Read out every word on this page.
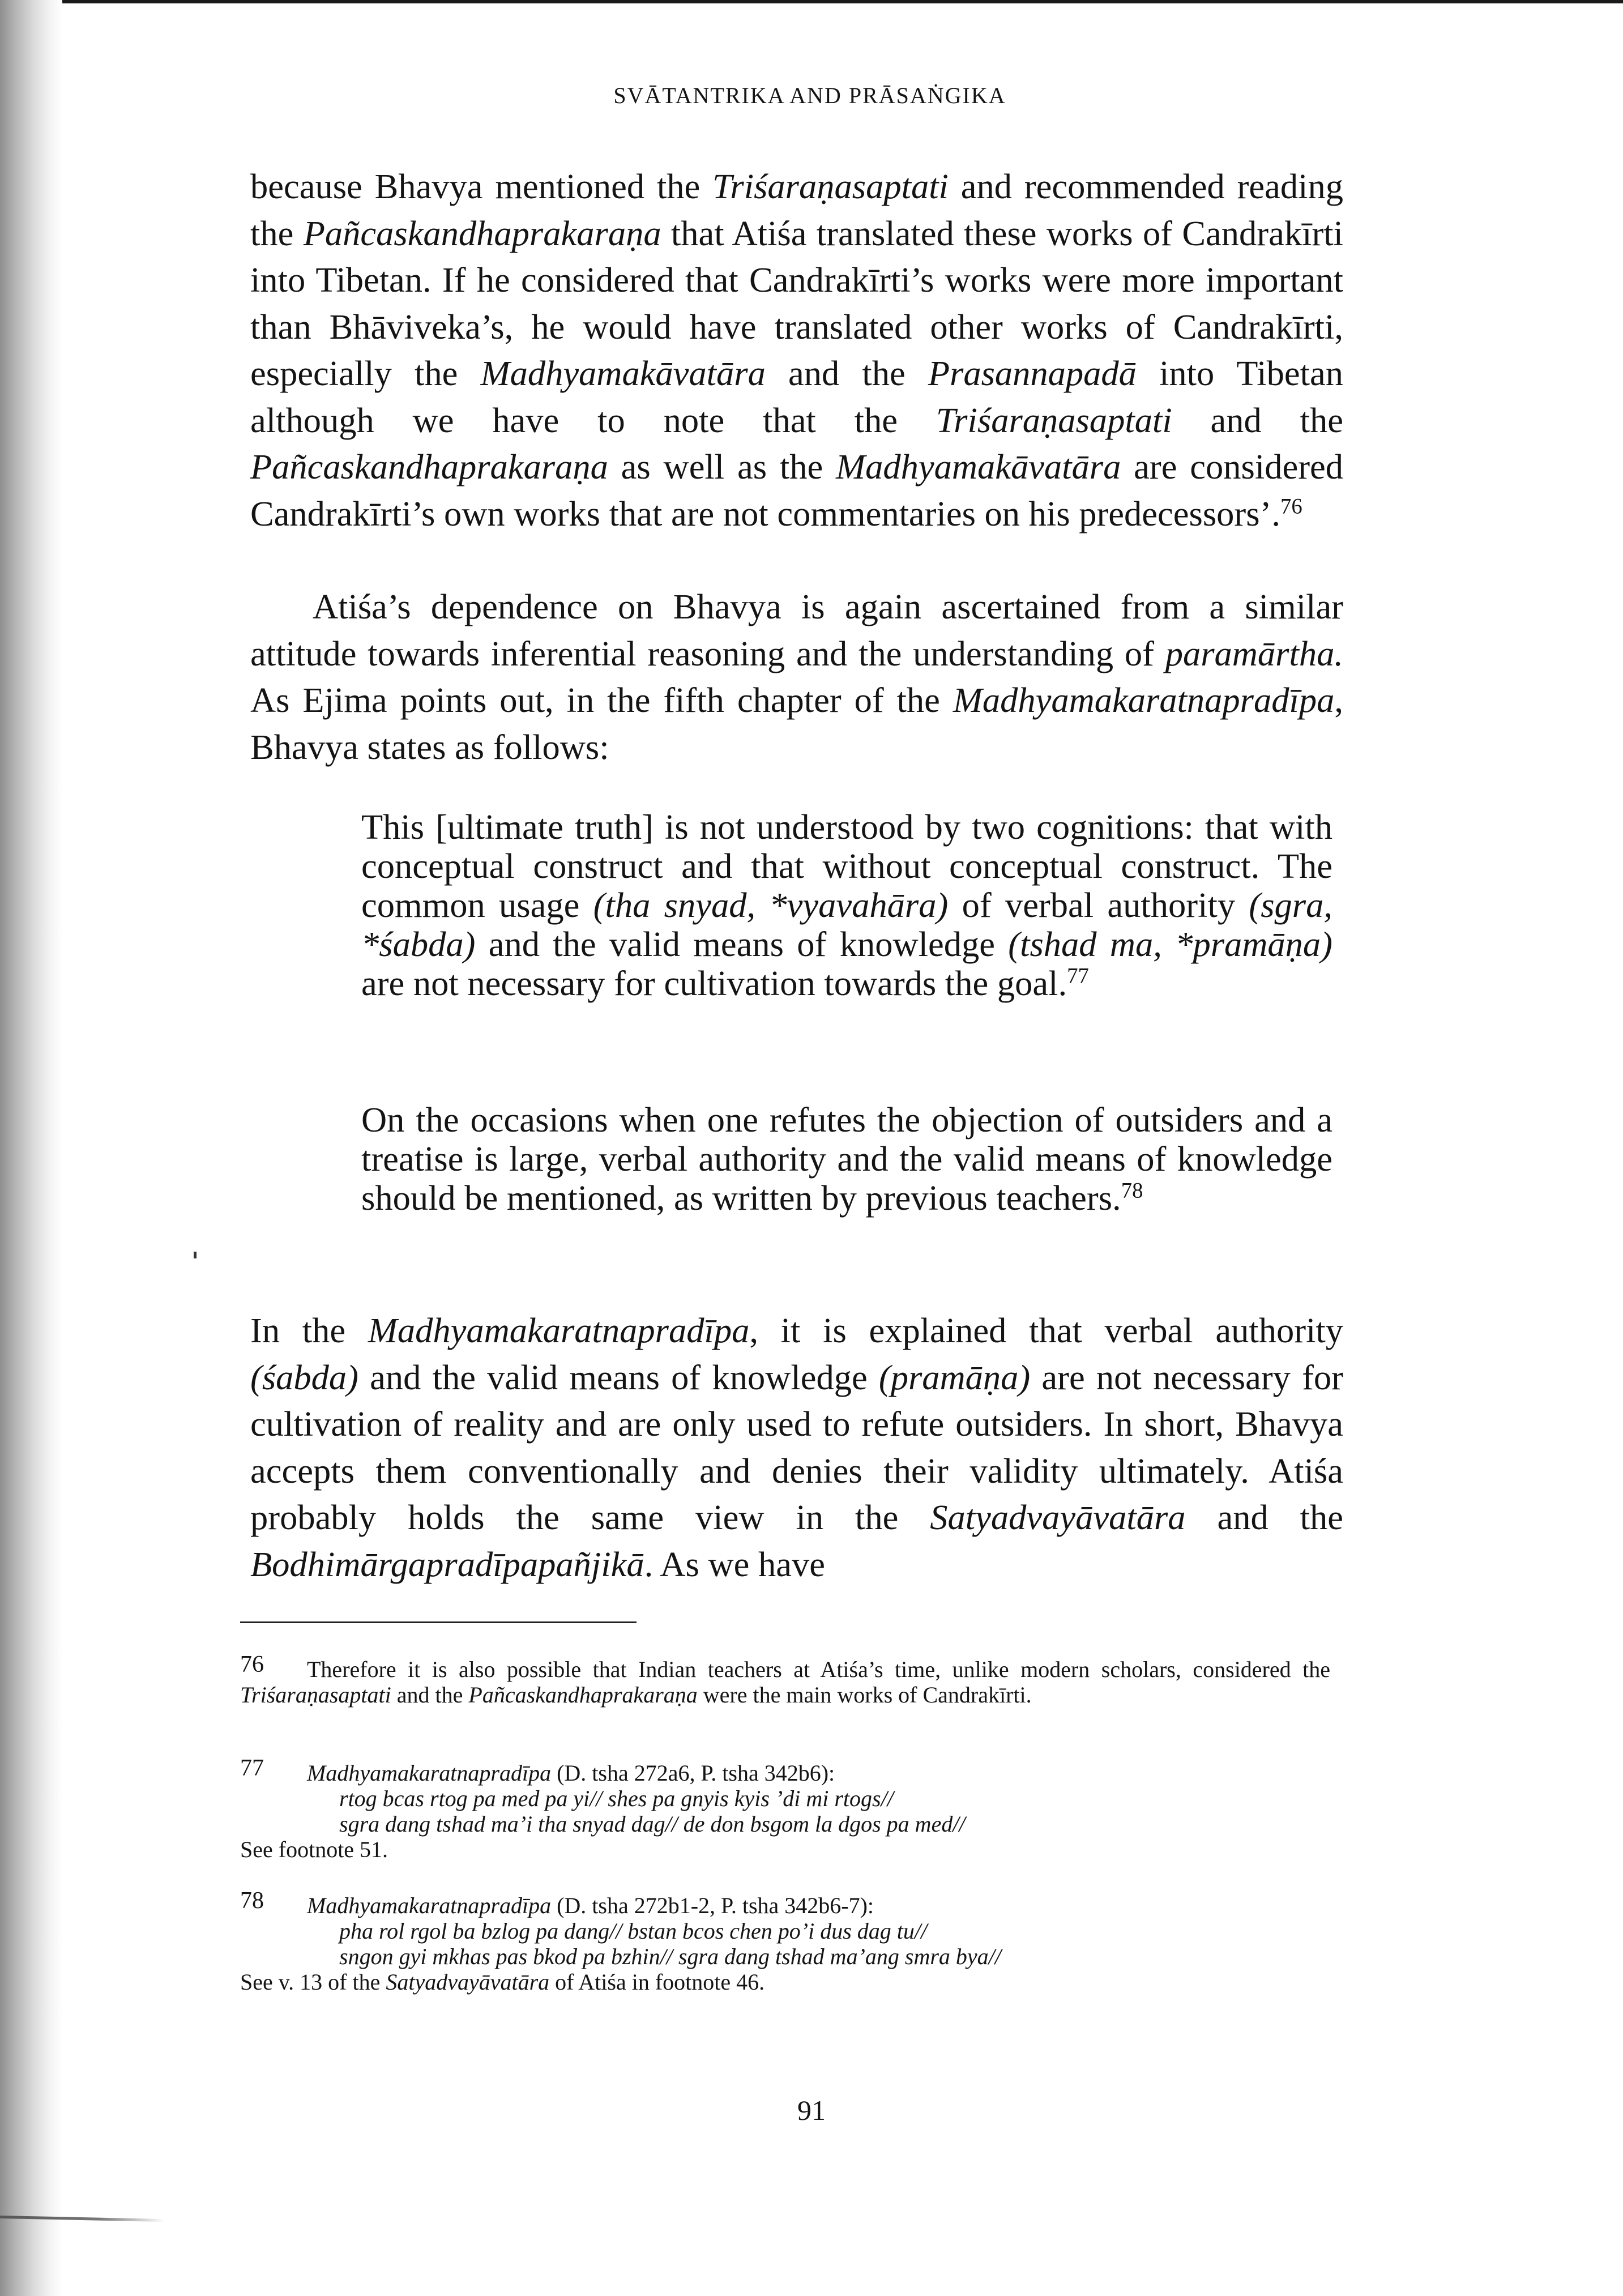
SVĀTANTRIKA AND PRĀSAṄGIKA

because Bhavya mentioned the Triśaraṇasaptati and recommended reading the Pañcaskandhaprakaraṇa that Atiśa translated these works of Candrakīrti into Tibetan. If he considered that Candrakīrti’s works were more important than Bhāviveka’s, he would have translated other works of Candrakīrti, especially the Madhyamakāvatāra and the Prasannapadā into Tibetan although we have to note that the Triśaraṇasaptati and the Pañcaskandhaprakaraṇa as well as the Madhyamakāvatāra are considered Candrakīrti’s own works that are not commentaries on his predecessors’.$^{76}$

Atiśa’s dependence on Bhavya is again ascertained from a similar attitude towards inferential reasoning and the understanding of paramārtha. As Ejima points out, in the fifth chapter of the Madhyamakaratnapradīpa, Bhavya states as follows:

This [ultimate truth] is not understood by two cognitions: that with conceptual construct and that without conceptual construct. The common usage (tha snyad, *vyavahāra) of verbal authority (sgra, *śabda) and the valid means of knowledge (tshad ma, *pramāṇa) are not necessary for cultivation towards the goal.$^{77}$

On the occasions when one refutes the objection of outsiders and a treatise is large, verbal authority and the valid means of knowledge should be mentioned, as written by previous teachers.$^{78}$

In the Madhyamakaratnapradīpa, it is explained that verbal authority (śabda) and the valid means of knowledge (pramāṇa) are not necessary for cultivation of reality and are only used to refute outsiders. In short, Bhavya accepts them conventionally and denies their validity ultimately. Atiśa probably holds the same view in the Satyadvayāvatāra and the Bodhimārgapradīpapañjikā. As we have

76	Therefore it is also possible that Indian teachers at Atiśa’s time, unlike modern scholars, considered the Triśaraṇasaptati and the Pañcaskandhaprakaraṇa were the main works of Candrakīrti.
77	Madhyamakaratnapradīpa (D. tsha 272a6, P. tsha 342b6):
rtog bcas rtog pa med pa yi// shes pa gnyis kyis ’di mi rtogs//
sgra dang tshad ma’i tha snyad dag// de don bsgom la dgos pa med//
See footnote 51.
78	Madhyamakaratnapradīpa (D. tsha 272b1-2, P. tsha 342b6-7):
pha rol rgol ba bzlog pa dang// bstan bcos chen po’i dus dag tu//
sngon gyi mkhas pas bkod pa bzhin// sgra dang tshad ma’ang smra bya//
See v. 13 of the Satyadvayāvatāra of Atiśa in footnote 46.

91
